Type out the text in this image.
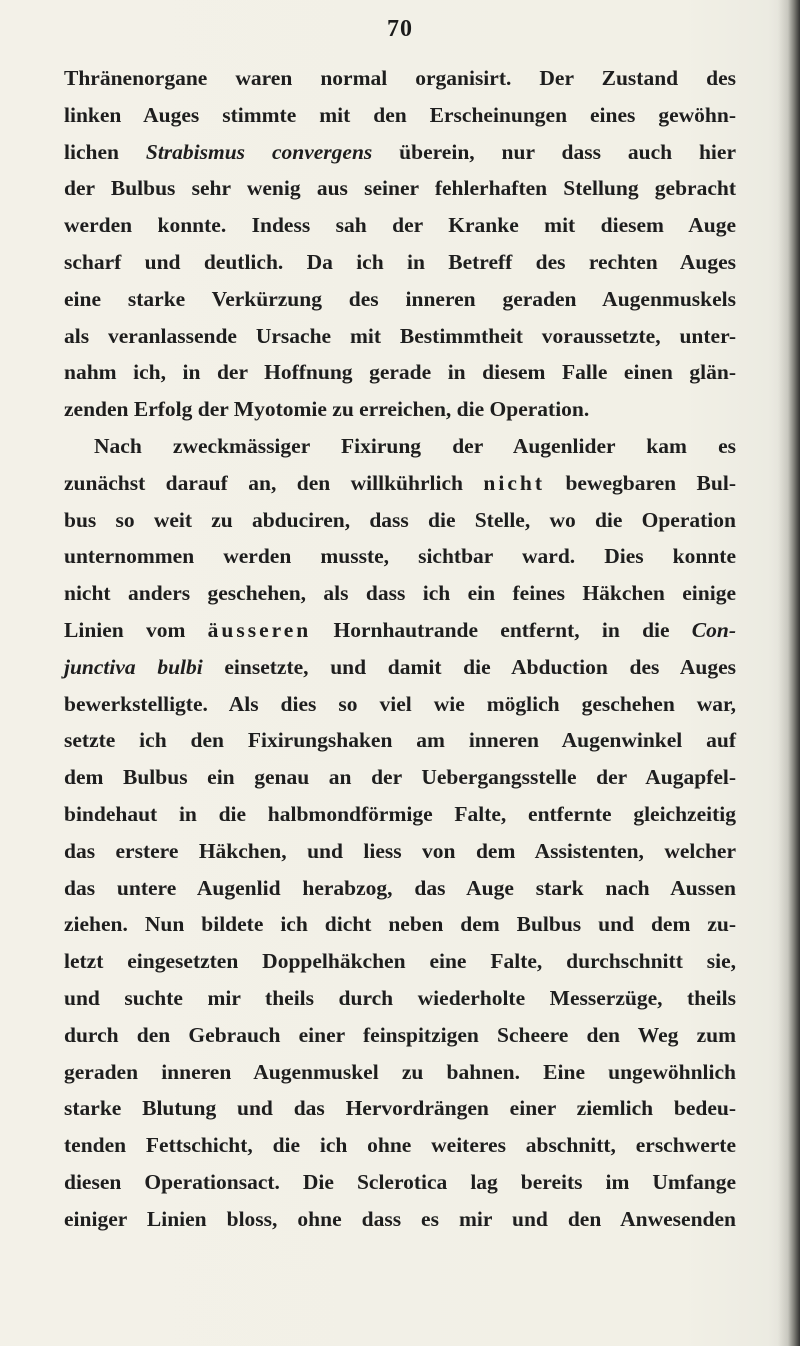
70
Thränenorgane waren normal organisirt. Der Zustand des
linken Auges stimmte mit den Erscheinungen eines gewöhn-
lichen Strabismus convergens überein, nur dass auch hier
der Bulbus sehr wenig aus seiner fehlerhaften Stellung gebracht
werden konnte. Indess sah der Kranke mit diesem Auge
scharf und deutlich. Da ich in Betreff des rechten Auges
eine starke Verkürzung des inneren geraden Augenmuskels
als veranlassende Ursache mit Bestimmtheit voraussetzte, unter-
nahm ich, in der Hoffnung gerade in diesem Falle einen glän-
zenden Erfolg der Myotomie zu erreichen, die Operation.
Nach zweckmässiger Fixirung der Augenlider kam es
zunächst darauf an, den willkührlich nicht bewegbaren Bul-
bus so weit zu abduciren, dass die Stelle, wo die Operation
unternommen werden musste, sichtbar ward. Dies konnte
nicht anders geschehen, als dass ich ein feines Häkchen einige
Linien vom äusseren Hornhautrande entfernt, in die Con-
junctiva bulbi einsetzte, und damit die Abduction des Auges
bewerkstelligte. Als dies so viel wie möglich geschehen war,
setzte ich den Fixirungshaken am inneren Augenwinkel auf
dem Bulbus ein genau an der Uebergangsstelle der Augapfel-
bindehaut in die halbmondförmige Falte, entfernte gleichzeitig
das erstere Häkchen, und liess von dem Assistenten, welcher
das untere Augenlid herabzog, das Auge stark nach Aussen
ziehen. Nun bildete ich dicht neben dem Bulbus und dem zu-
letzt eingesetzten Doppelhäkchen eine Falte, durchschnitt sie,
und suchte mir theils durch wiederholte Messerzüge, theils
durch den Gebrauch einer feinspitzigen Scheere den Weg zum
geraden inneren Augenmuskel zu bahnen. Eine ungewöhnlich
starke Blutung und das Hervordrängen einer ziemlich bedeu-
tenden Fettschicht, die ich ohne weiteres abschnitt, erschwerte
diesen Operationsact. Die Sclerotica lag bereits im Umfange
einiger Linien bloss, ohne dass es mir und den Anwesenden
